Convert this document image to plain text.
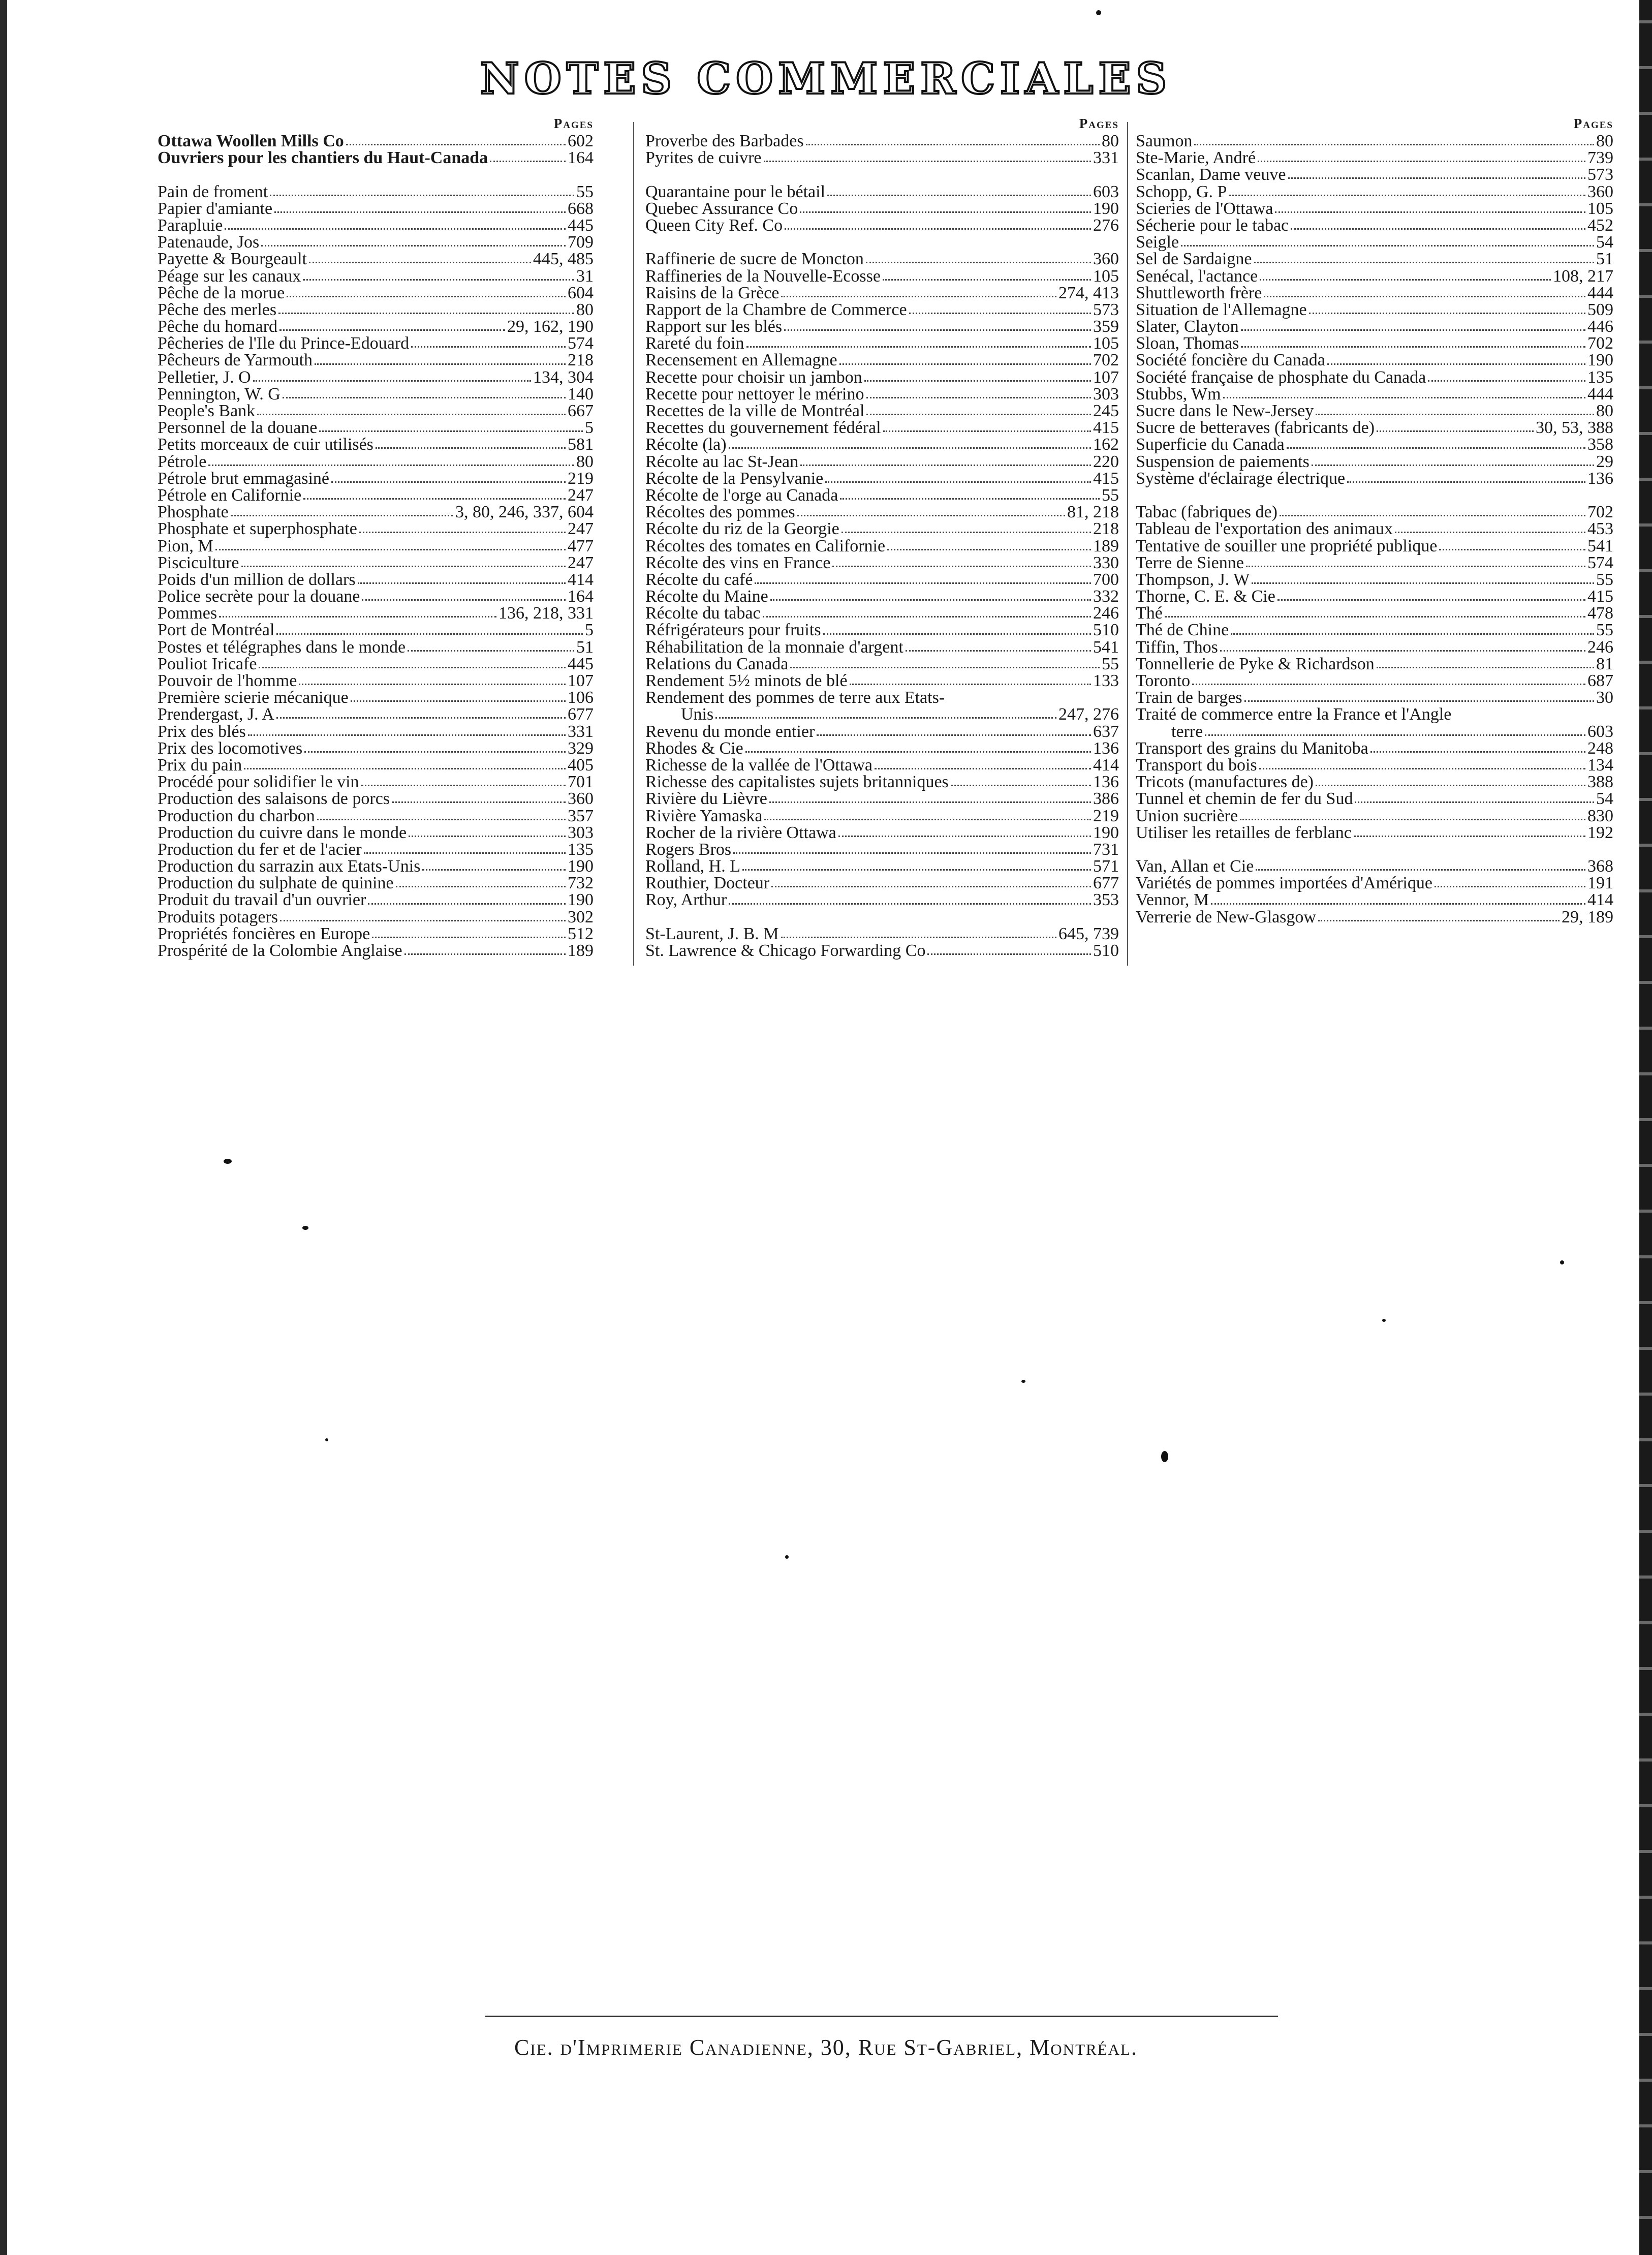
NOTES COMMERCIALES
Pages
Ottawa Woollen Mills Co	602
Ouvriers pour les chantiers du Haut-Canada	164
Pain de froment	55
Papier d'amiante	668
Parapluie	445
Patenaude, Jos	709
Payette & Bourgeault	445, 485
Péage sur les canaux	31
Pêche de la morue	604
Pêche des merles	80
Pêche du homard	29, 162, 190
Pêcheries de l'Ile du Prince-Edouard	574
Pêcheurs de Yarmouth	218
Pelletier, J. O	134, 304
Pennington, W. G	140
People's Bank	667
Personnel de la douane	5
Petits morceaux de cuir utilisés	581
Pétrole	80
Pétrole brut emmagasiné	219
Pétrole en Californie	247
Phosphate	3, 80, 246, 337, 604
Phosphate et superphosphate	247
Pion, M	477
Pisciculture	247
Poids d'un million de dollars	414
Police secrète pour la douane	164
Pommes	136, 218, 331
Port de Montréal	5
Postes et télégraphes dans le monde	51
Pouliot Iricafe	445
Pouvoir de l'homme	107
Première scierie mécanique	106
Prendergast, J. A	677
Prix des blés	331
Prix des locomotives	329
Prix du pain	405
Procédé pour solidifier le vin	701
Production des salaisons de porcs	360
Production du charbon	357
Production du cuivre dans le monde	303
Production du fer et de l'acier	135
Production du sarrazin aux Etats-Unis	190
Production du sulphate de quinine	732
Produit du travail d'un ouvrier	190
Produits potagers	302
Propriétés foncières en Europe	512
Prospérité de la Colombie Anglaise	189
Pages
Proverbe des Barbades	80
Pyrites de cuivre	331
Quarantaine pour le bétail	603
Quebec Assurance Co	190
Queen City Ref. Co	276
Raffinerie de sucre de Moncton	360
Raffineries de la Nouvelle-Ecosse	105
Raisins de la Grèce	274, 413
Rapport de la Chambre de Commerce	573
Rapport sur les blés	359
Rareté du foin	105
Recensement en Allemagne	702
Recette pour choisir un jambon	107
Recette pour nettoyer le mérino	303
Recettes de la ville de Montréal	245
Recettes du gouvernement fédéral	415
Récolte (la)	162
Récolte au lac St-Jean	220
Récolte de la Pensylvanie	415
Récolte de l'orge au Canada	55
Récoltes des pommes	81, 218
Récolte du riz de la Georgie	218
Récoltes des tomates en Californie	189
Récolte des vins en France	330
Récolte du café	700
Récolte du Maine	332
Récolte du tabac	246
Réfrigérateurs pour fruits	510
Réhabilitation de la monnaie d'argent	541
Relations du Canada	55
Rendement 5½ minots de blé	133
Rendement des pommes de terre aux Etats-
Unis	247, 276
Revenu du monde entier	637
Rhodes & Cie	136
Richesse de la vallée de l'Ottawa	414
Richesse des capitalistes sujets britanniques	136
Rivière du Lièvre	386
Rivière Yamaska	219
Rocher de la rivière Ottawa	190
Rogers Bros	731
Rolland, H. L	571
Routhier, Docteur	677
Roy, Arthur	353
St-Laurent, J. B. M	645, 739
St. Lawrence & Chicago Forwarding Co	510
Pages
Saumon	80
Ste-Marie, André	739
Scanlan, Dame veuve	573
Schopp, G. P	360
Scieries de l'Ottawa	105
Sécherie pour le tabac	452
Seigle	54
Sel de Sardaigne	51
Senécal, l'actance	108, 217
Shuttleworth frère	444
Situation de l'Allemagne	509
Slater, Clayton	446
Sloan, Thomas	702
Société foncière du Canada	190
Société française de phosphate du Canada	135
Stubbs, Wm	444
Sucre dans le New-Jersey	80
Sucre de betteraves (fabricants de)	30, 53, 388
Superficie du Canada	358
Suspension de paiements	29
Système d'éclairage électrique	136
Tabac (fabriques de)	702
Tableau de l'exportation des animaux	453
Tentative de souiller une propriété publique	541
Terre de Sienne	574
Thompson, J. W	55
Thorne, C. E. & Cie	415
Thé	478
Thé de Chine	55
Tiffin, Thos	246
Tonnellerie de Pyke & Richardson	81
Toronto	687
Train de barges	30
Traité de commerce entre la France et l'Angle
terre	603
Transport des grains du Manitoba	248
Transport du bois	134
Tricots (manufactures de)	388
Tunnel et chemin de fer du Sud	54
Union sucrière	830
Utiliser les retailles de ferblanc	192
Van, Allan et Cie	368
Variétés de pommes importées d'Amérique	191
Vennor, M	414
Verrerie de New-Glasgow	29, 189
Cie. d'Imprimerie Canadienne, 30, Rue St-Gabriel, Montréal.
